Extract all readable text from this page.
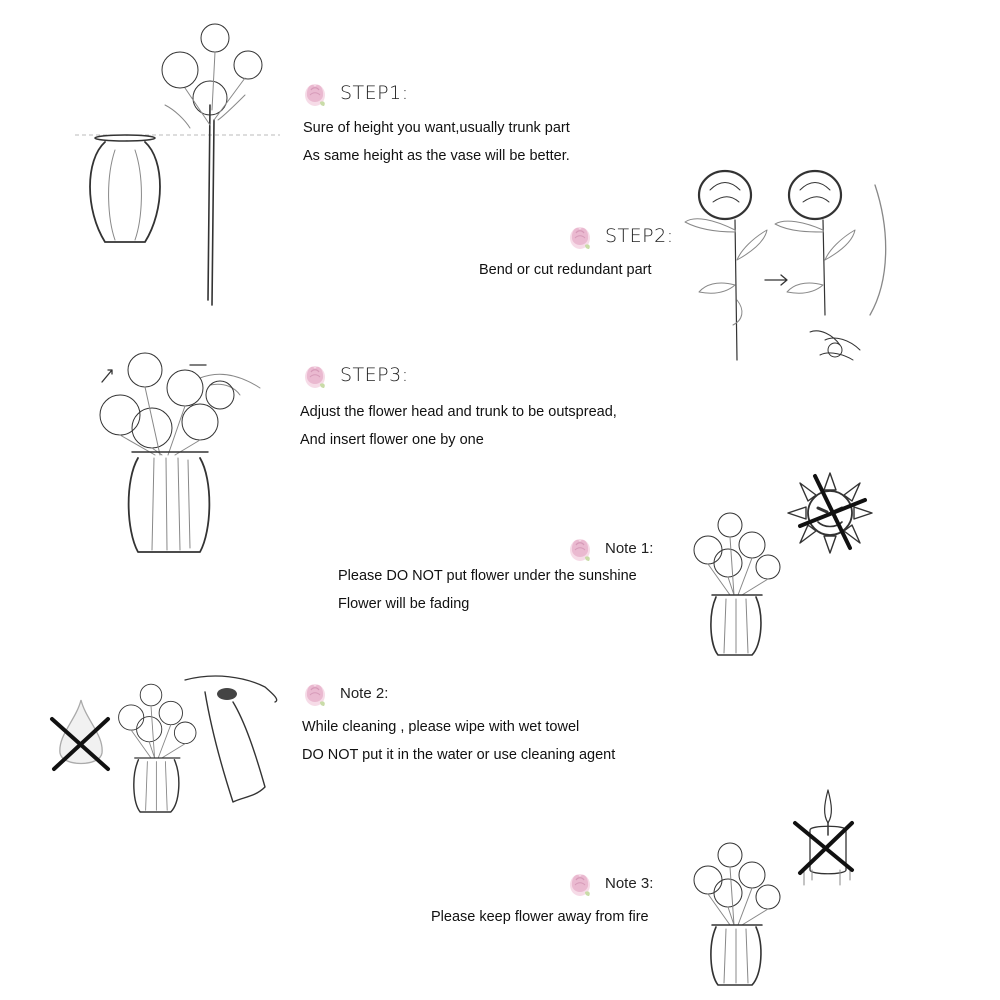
STEP1:
Sure of height you want,usually trunk part
As same height as the vase will be better.
STEP2:
Bend or cut redundant part
STEP3:
Adjust the flower head and trunk to be outspread,
And insert flower one by one
Note 1:
Please DO NOT put flower under the sunshine
Flower will be fading
Note 2:
While cleaning , please wipe with wet towel
DO NOT put it in the water or use cleaning agent
Note 3:
Please keep flower away from fire
